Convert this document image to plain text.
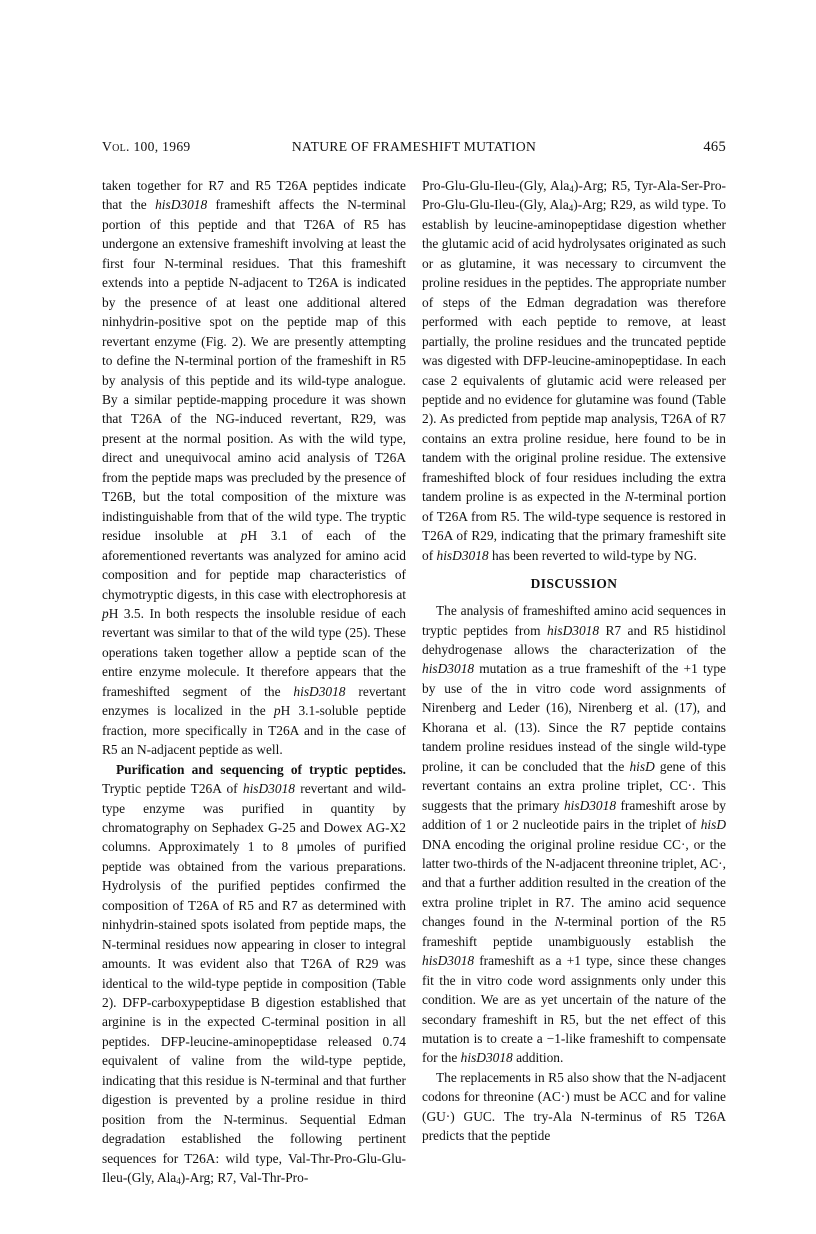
Vol. 100, 1969	NATURE OF FRAMESHIFT MUTATION	465

taken together for R7 and R5 T26A peptides indicate that the hisD3018 frameshift affects the N-terminal portion of this peptide and that T26A of R5 has undergone an extensive frameshift involving at least the first four N-terminal residues. That this frameshift extends into a peptide N-adjacent to T26A is indicated by the presence of at least one additional altered ninhydrin-positive spot on the peptide map of this revertant enzyme (Fig. 2). We are presently attempting to define the N-terminal portion of the frameshift in R5 by analysis of this peptide and its wild-type analogue. By a similar peptide-mapping procedure it was shown that T26A of the NG-induced revertant, R29, was present at the normal position. As with the wild type, direct and unequivocal amino acid analysis of T26A from the peptide maps was precluded by the presence of T26B, but the total composition of the mixture was indistinguishable from that of the wild type. The tryptic residue insoluble at pH 3.1 of each of the aforementioned revertants was analyzed for amino acid composition and for peptide map characteristics of chymotryptic digests, in this case with electrophoresis at pH 3.5. In both respects the insoluble residue of each revertant was similar to that of the wild type (25). These operations taken together allow a peptide scan of the entire enzyme molecule. It therefore appears that the frameshifted segment of the hisD3018 revertant enzymes is localized in the pH 3.1-soluble peptide fraction, more specifically in T26A and in the case of R5 an N-adjacent peptide as well.

Purification and sequencing of tryptic peptides. Tryptic peptide T26A of hisD3018 revertant and wild-type enzyme was purified in quantity by chromatography on Sephadex G-25 and Dowex AG-X2 columns. Approximately 1 to 8 μmoles of purified peptide was obtained from the various preparations. Hydrolysis of the purified peptides confirmed the composition of T26A of R5 and R7 as determined with ninhydrin-stained spots isolated from peptide maps, the N-terminal residues now appearing in closer to integral amounts. It was evident also that T26A of R29 was identical to the wild-type peptide in composition (Table 2). DFP-carboxypeptidase B digestion established that arginine is in the expected C-terminal position in all peptides. DFP-leucine-aminopeptidase released 0.74 equivalent of valine from the wild-type peptide, indicating that this residue is N-terminal and that further digestion is prevented by a proline residue in third position from the N-terminus. Sequential Edman degradation established the following pertinent sequences for T26A: wild type, Val-Thr-Pro-Glu-Glu-Ileu-(Gly, Ala$_4$)-Arg; R7, Val-Thr-Pro-

Pro-Glu-Glu-Ileu-(Gly, Ala$_4$)-Arg; R5, Tyr-Ala-Ser-Pro-Pro-Glu-Glu-Ileu-(Gly, Ala$_4$)-Arg; R29, as wild type. To establish by leucine-aminopeptidase digestion whether the glutamic acid of acid hydrolysates originated as such or as glutamine, it was necessary to circumvent the proline residues in the peptides. The appropriate number of steps of the Edman degradation was therefore performed with each peptide to remove, at least partially, the proline residues and the truncated peptide was digested with DFP-leucine-aminopeptidase. In each case 2 equivalents of glutamic acid were released per peptide and no evidence for glutamine was found (Table 2). As predicted from peptide map analysis, T26A of R7 contains an extra proline residue, here found to be in tandem with the original proline residue. The extensive frameshifted block of four residues including the extra tandem proline is as expected in the N-terminal portion of T26A from R5. The wild-type sequence is restored in T26A of R29, indicating that the primary frameshift site of hisD3018 has been reverted to wild-type by NG.

DISCUSSION

The analysis of frameshifted amino acid sequences in tryptic peptides from hisD3018 R7 and R5 histidinol dehydrogenase allows the characterization of the hisD3018 mutation as a true frameshift of the +1 type by use of the in vitro code word assignments of Nirenberg and Leder (16), Nirenberg et al. (17), and Khorana et al. (13). Since the R7 peptide contains tandem proline residues instead of the single wild-type proline, it can be concluded that the hisD gene of this revertant contains an extra proline triplet, CC·. This suggests that the primary hisD3018 frameshift arose by addition of 1 or 2 nucleotide pairs in the triplet of hisD DNA encoding the original proline residue CC·, or the latter two-thirds of the N-adjacent threonine triplet, AC·, and that a further addition resulted in the creation of the extra proline triplet in R7. The amino acid sequence changes found in the N-terminal portion of the R5 frameshift peptide unambiguously establish the hisD3018 frameshift as a +1 type, since these changes fit the in vitro code word assignments only under this condition. We are as yet uncertain of the nature of the secondary frameshift in R5, but the net effect of this mutation is to create a −1-like frameshift to compensate for the hisD3018 addition.

The replacements in R5 also show that the N-adjacent codons for threonine (AC·) must be ACC and for valine (GU·) GUC. The try-Ala N-terminus of R5 T26A predicts that the peptide
